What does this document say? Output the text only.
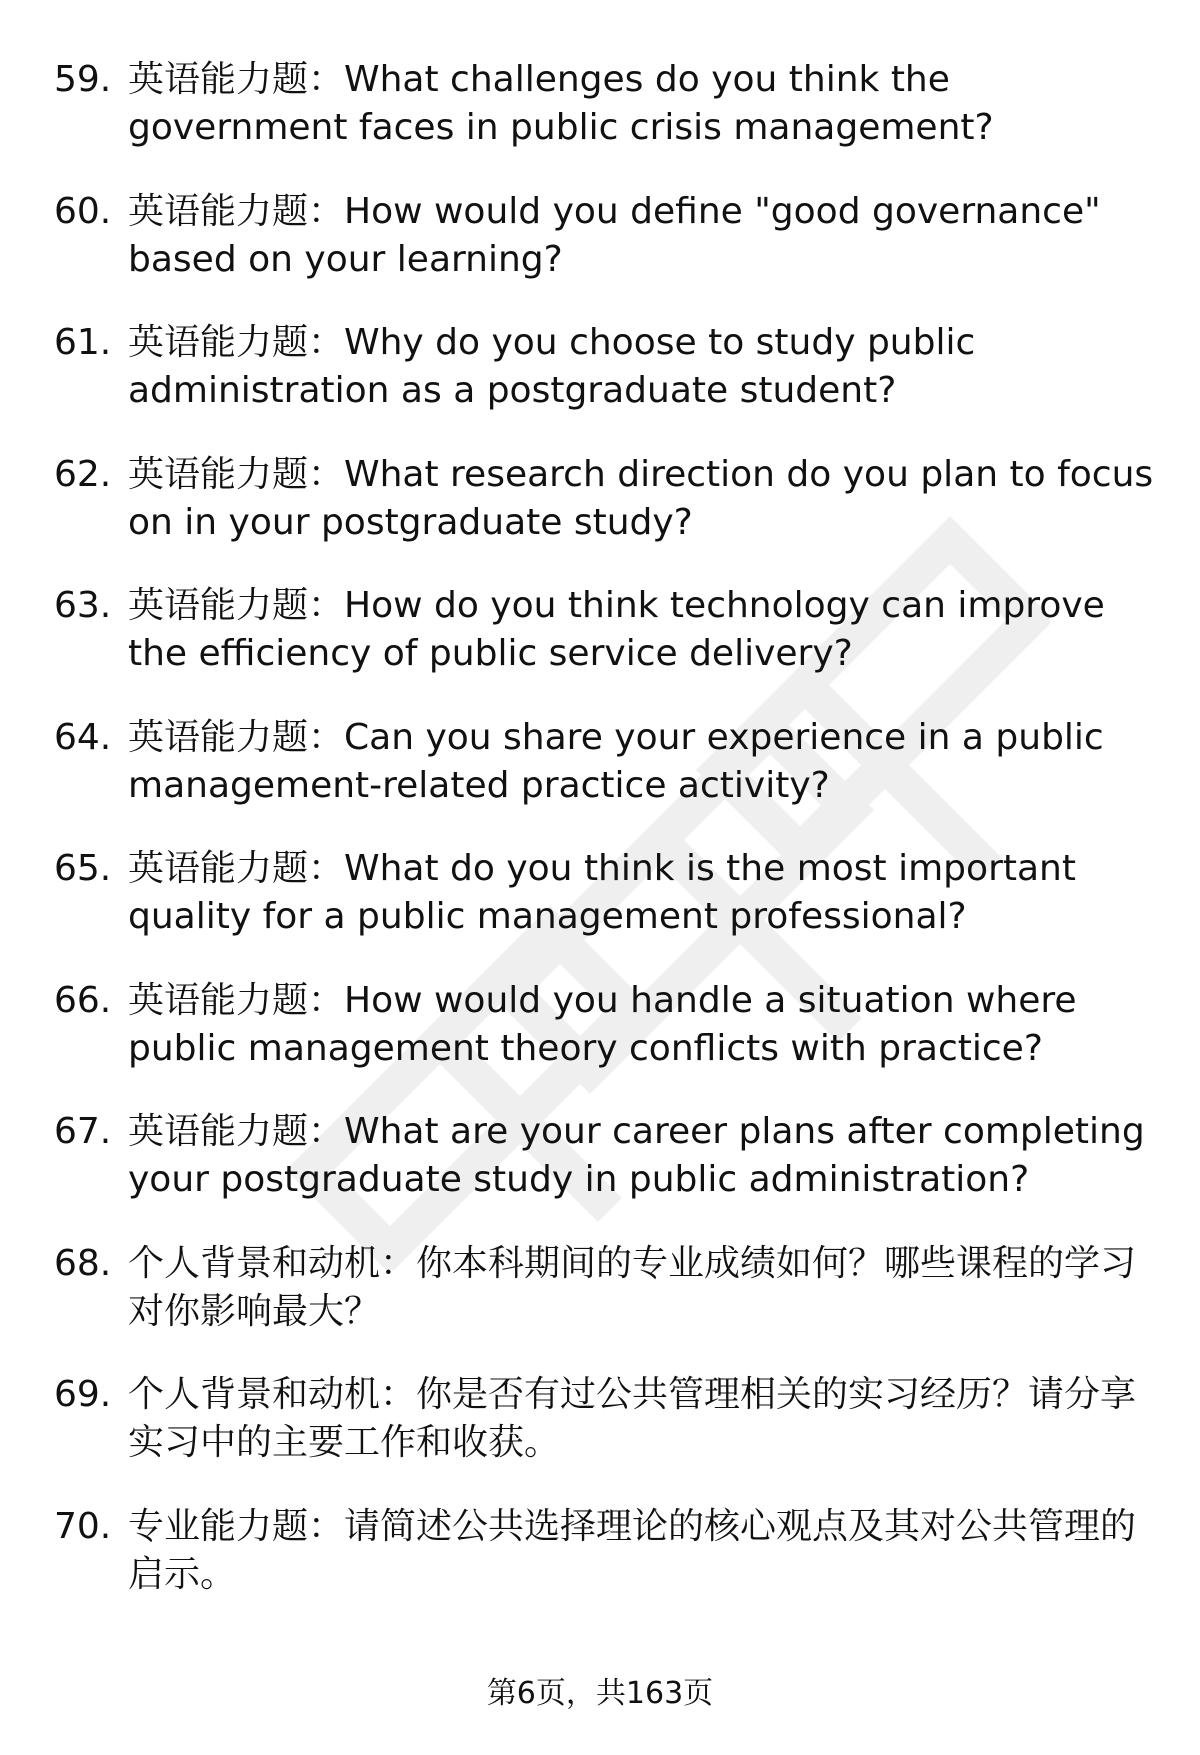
59. 英语能力题：What challenges do you think the government faces in public crisis management?
60. 英语能力题：How would you define "good governance" based on your learning?
61. 英语能力题：Why do you choose to study public administration as a postgraduate student?
62. 英语能力题：What research direction do you plan to focus on in your postgraduate study?
63. 英语能力题：How do you think technology can improve the efficiency of public service delivery?
64. 英语能力题：Can you share your experience in a public management-related practice activity?
65. 英语能力题：What do you think is the most important quality for a public management professional?
66. 英语能力题：How would you handle a situation where public management theory conflicts with practice?
67. 英语能力题：What are your career plans after completing your postgraduate study in public administration?
68. 个人背景和动机：你本科期间的专业成绩如何？哪些课程的学习对你影响最大？
69. 个人背景和动机：你是否有过公共管理相关的实习经历？请分享实习中的主要工作和收获。
70. 专业能力题：请简述公共选择理论的核心观点及其对公共管理的启示。
第6页，共163页
